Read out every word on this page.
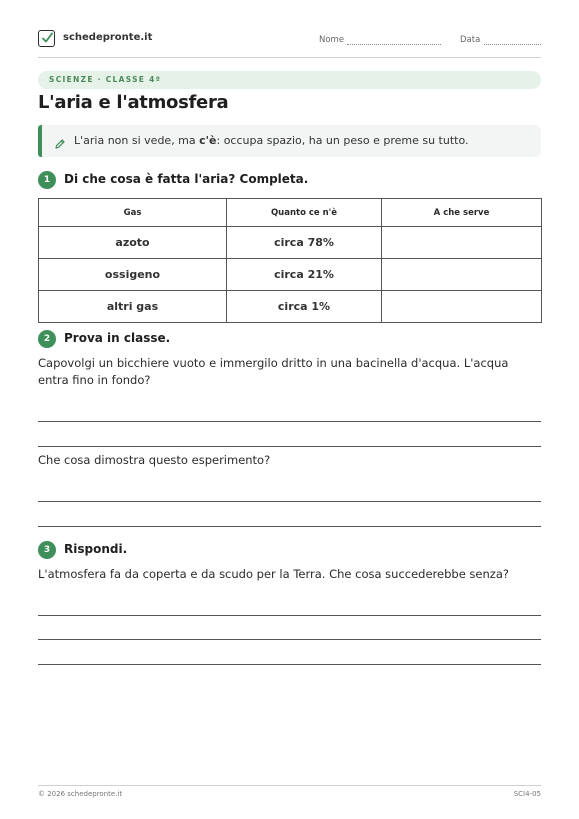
schedepronte.it	Nome	Data
SCIENZE · CLASSE 4ª
L'aria e l'atmosfera
L'aria non si vede, ma c'è: occupa spazio, ha un peso e preme su tutto.
1	Di che cosa è fatta l'aria? Completa.
Gas	Quanto ce n'è	A che serve
azoto	circa 78%	
ossigeno	circa 21%	
altri gas	circa 1%	
2	Prova in classe.
Capovolgi un bicchiere vuoto e immergilo dritto in una bacinella d'acqua. L'acqua entra fino in fondo?
Che cosa dimostra questo esperimento?
3	Rispondi.
L'atmosfera fa da coperta e da scudo per la Terra. Che cosa succederebbe senza?
© 2026 schedepronte.it	SCI4-05
